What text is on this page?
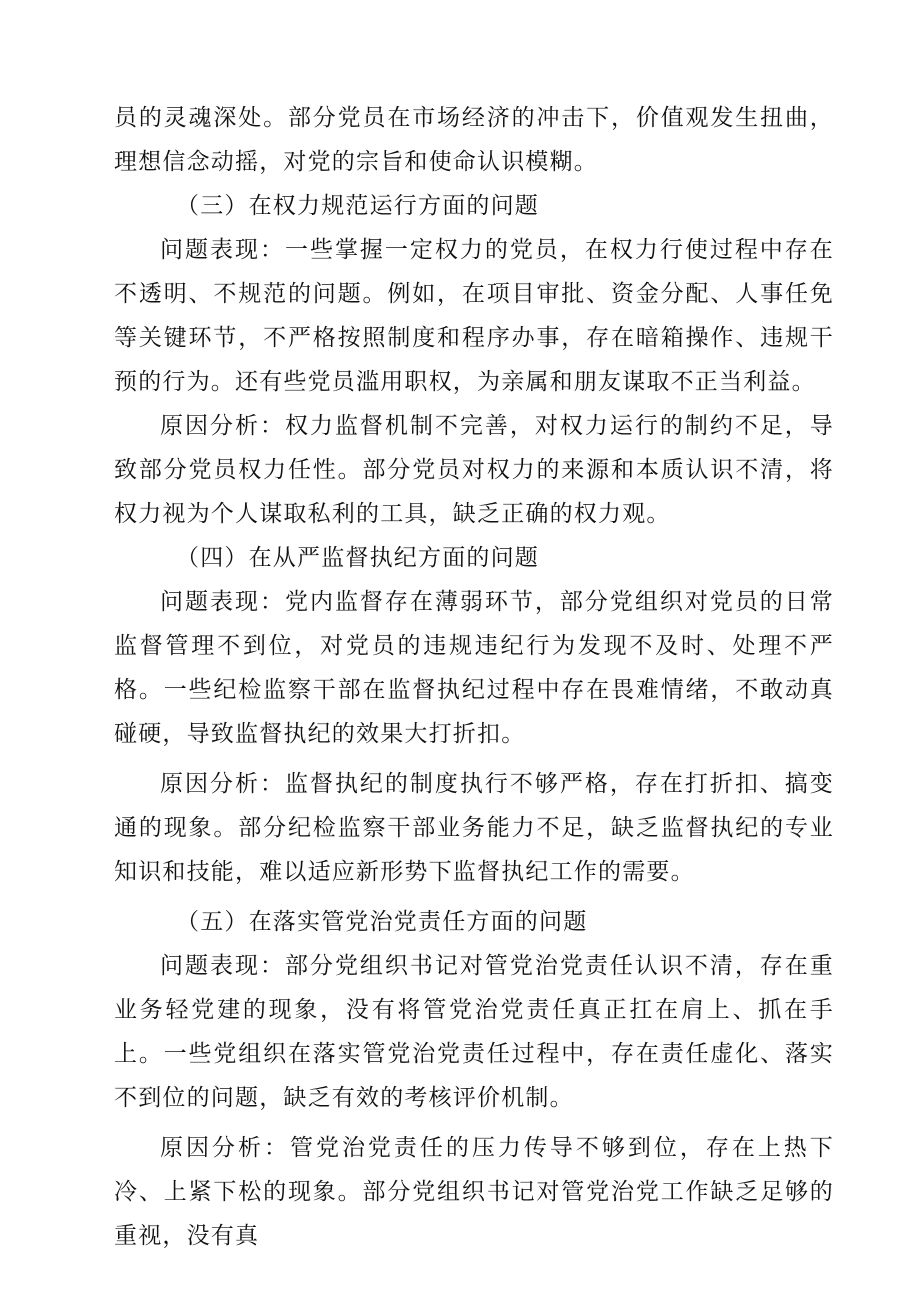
员的灵魂深处。部分党员在市场经济的冲击下，价值观发生扭曲，理想信念动摇，对党的宗旨和使命认识模糊。

（三）在权力规范运行方面的问题

问题表现：一些掌握一定权力的党员，在权力行使过程中存在不透明、不规范的问题。例如，在项目审批、资金分配、人事任免等关键环节，不严格按照制度和程序办事，存在暗箱操作、违规干预的行为。还有些党员滥用职权，为亲属和朋友谋取不正当利益。

原因分析：权力监督机制不完善，对权力运行的制约不足，导致部分党员权力任性。部分党员对权力的来源和本质认识不清，将权力视为个人谋取私利的工具，缺乏正确的权力观。

（四）在从严监督执纪方面的问题

问题表现：党内监督存在薄弱环节，部分党组织对党员的日常监督管理不到位，对党员的违规违纪行为发现不及时、处理不严格。一些纪检监察干部在监督执纪过程中存在畏难情绪，不敢动真碰硬，导致监督执纪的效果大打折扣。

原因分析：监督执纪的制度执行不够严格，存在打折扣、搞变通的现象。部分纪检监察干部业务能力不足，缺乏监督执纪的专业知识和技能，难以适应新形势下监督执纪工作的需要。

（五）在落实管党治党责任方面的问题

问题表现：部分党组织书记对管党治党责任认识不清，存在重业务轻党建的现象，没有将管党治党责任真正扛在肩上、抓在手上。一些党组织在落实管党治党责任过程中，存在责任虚化、落实不到位的问题，缺乏有效的考核评价机制。

原因分析：管党治党责任的压力传导不够到位，存在上热下冷、上紧下松的现象。部分党组织书记对管党治党工作缺乏足够的重视，没有真
